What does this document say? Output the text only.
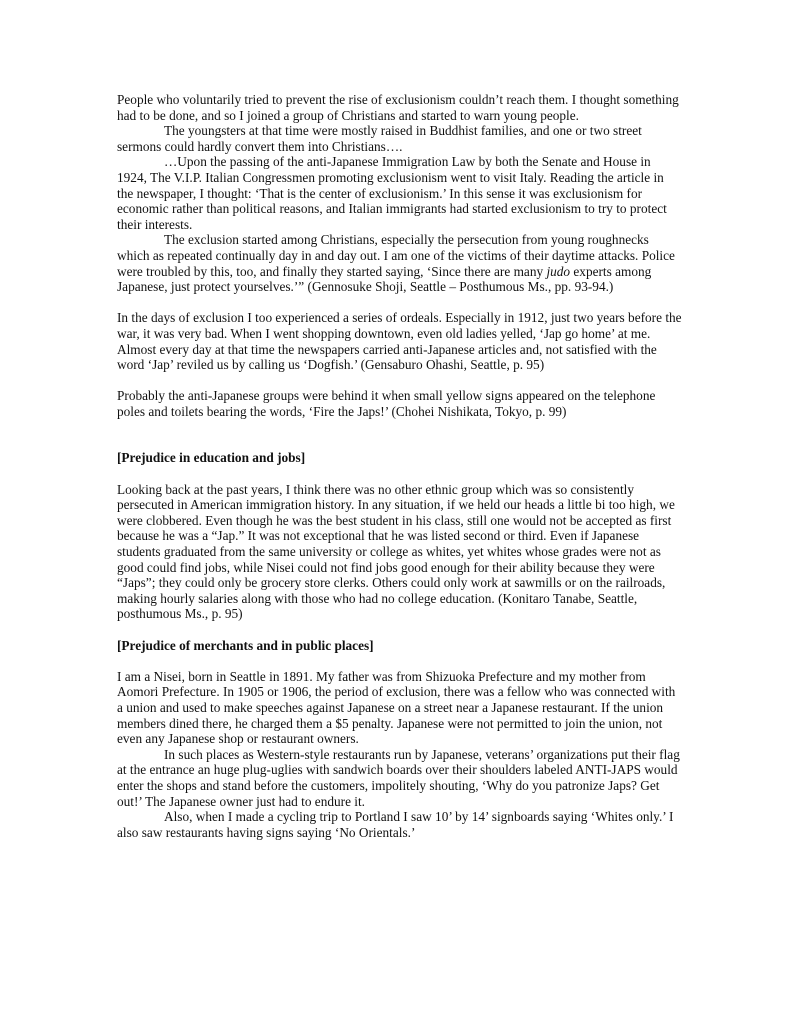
People who voluntarily tried to prevent the rise of exclusionism couldn’t reach them. I thought something had to be done, and so I joined a group of Christians and started to warn young people.

The youngsters at that time were mostly raised in Buddhist families, and one or two street sermons could hardly convert them into Christians….

…Upon the passing of the anti-Japanese Immigration Law by both the Senate and House in 1924, The V.I.P. Italian Congressmen promoting exclusionism went to visit Italy. Reading the article in the newspaper, I thought: ‘That is the center of exclusionism.’ In this sense it was exclusionism for economic rather than political reasons, and Italian immigrants had started exclusionism to try to protect their interests.

The exclusion started among Christians, especially the persecution from young roughnecks which as repeated continually day in and day out. I am one of the victims of their daytime attacks. Police were troubled by this, too, and finally they started saying, ‘Since there are many judo experts among Japanese, just protect yourselves.’” (Gennosuke Shoji, Seattle – Posthumous Ms., pp. 93-94.)

In the days of exclusion I too experienced a series of ordeals. Especially in 1912, just two years before the war, it was very bad. When I went shopping downtown, even old ladies yelled, ‘Jap go home’ at me. Almost every day at that time the newspapers carried anti-Japanese articles and, not satisfied with the word ‘Jap’ reviled us by calling us ‘Dogfish.’ (Gensaburo Ohashi, Seattle, p. 95)

Probably the anti-Japanese groups were behind it when small yellow signs appeared on the telephone poles and toilets bearing the words, ‘Fire the Japs!’ (Chohei Nishikata, Tokyo, p. 99)

[Prejudice in education and jobs]

Looking back at the past years, I think there was no other ethnic group which was so consistently persecuted in American immigration history. In any situation, if we held our heads a little bi too high, we were clobbered. Even though he was the best student in his class, still one would not be accepted as first because he was a “Jap.” It was not exceptional that he was listed second or third. Even if Japanese students graduated from the same university or college as whites, yet whites whose grades were not as good could find jobs, while Nisei could not find jobs good enough for their ability because they were “Japs”; they could only be grocery store clerks. Others could only work at sawmills or on the railroads, making hourly salaries along with those who had no college education. (Konitaro Tanabe, Seattle, posthumous Ms., p. 95)

[Prejudice of merchants and in public places]

I am a Nisei, born in Seattle in 1891. My father was from Shizuoka Prefecture and my mother from Aomori Prefecture. In 1905 or 1906, the period of exclusion, there was a fellow who was connected with a union and used to make speeches against Japanese on a street near a Japanese restaurant. If the union members dined there, he charged them a $5 penalty. Japanese were not permitted to join the union, not even any Japanese shop or restaurant owners.

In such places as Western-style restaurants run by Japanese, veterans’ organizations put their flag at the entrance an huge plug-uglies with sandwich boards over their shoulders labeled ANTI-JAPS would enter the shops and stand before the customers, impolitely shouting, ‘Why do you patronize Japs? Get out!’ The Japanese owner just had to endure it.

Also, when I made a cycling trip to Portland I saw 10’ by 14’ signboards saying ‘Whites only.’ I also saw restaurants having signs saying ‘No Orientals.’
